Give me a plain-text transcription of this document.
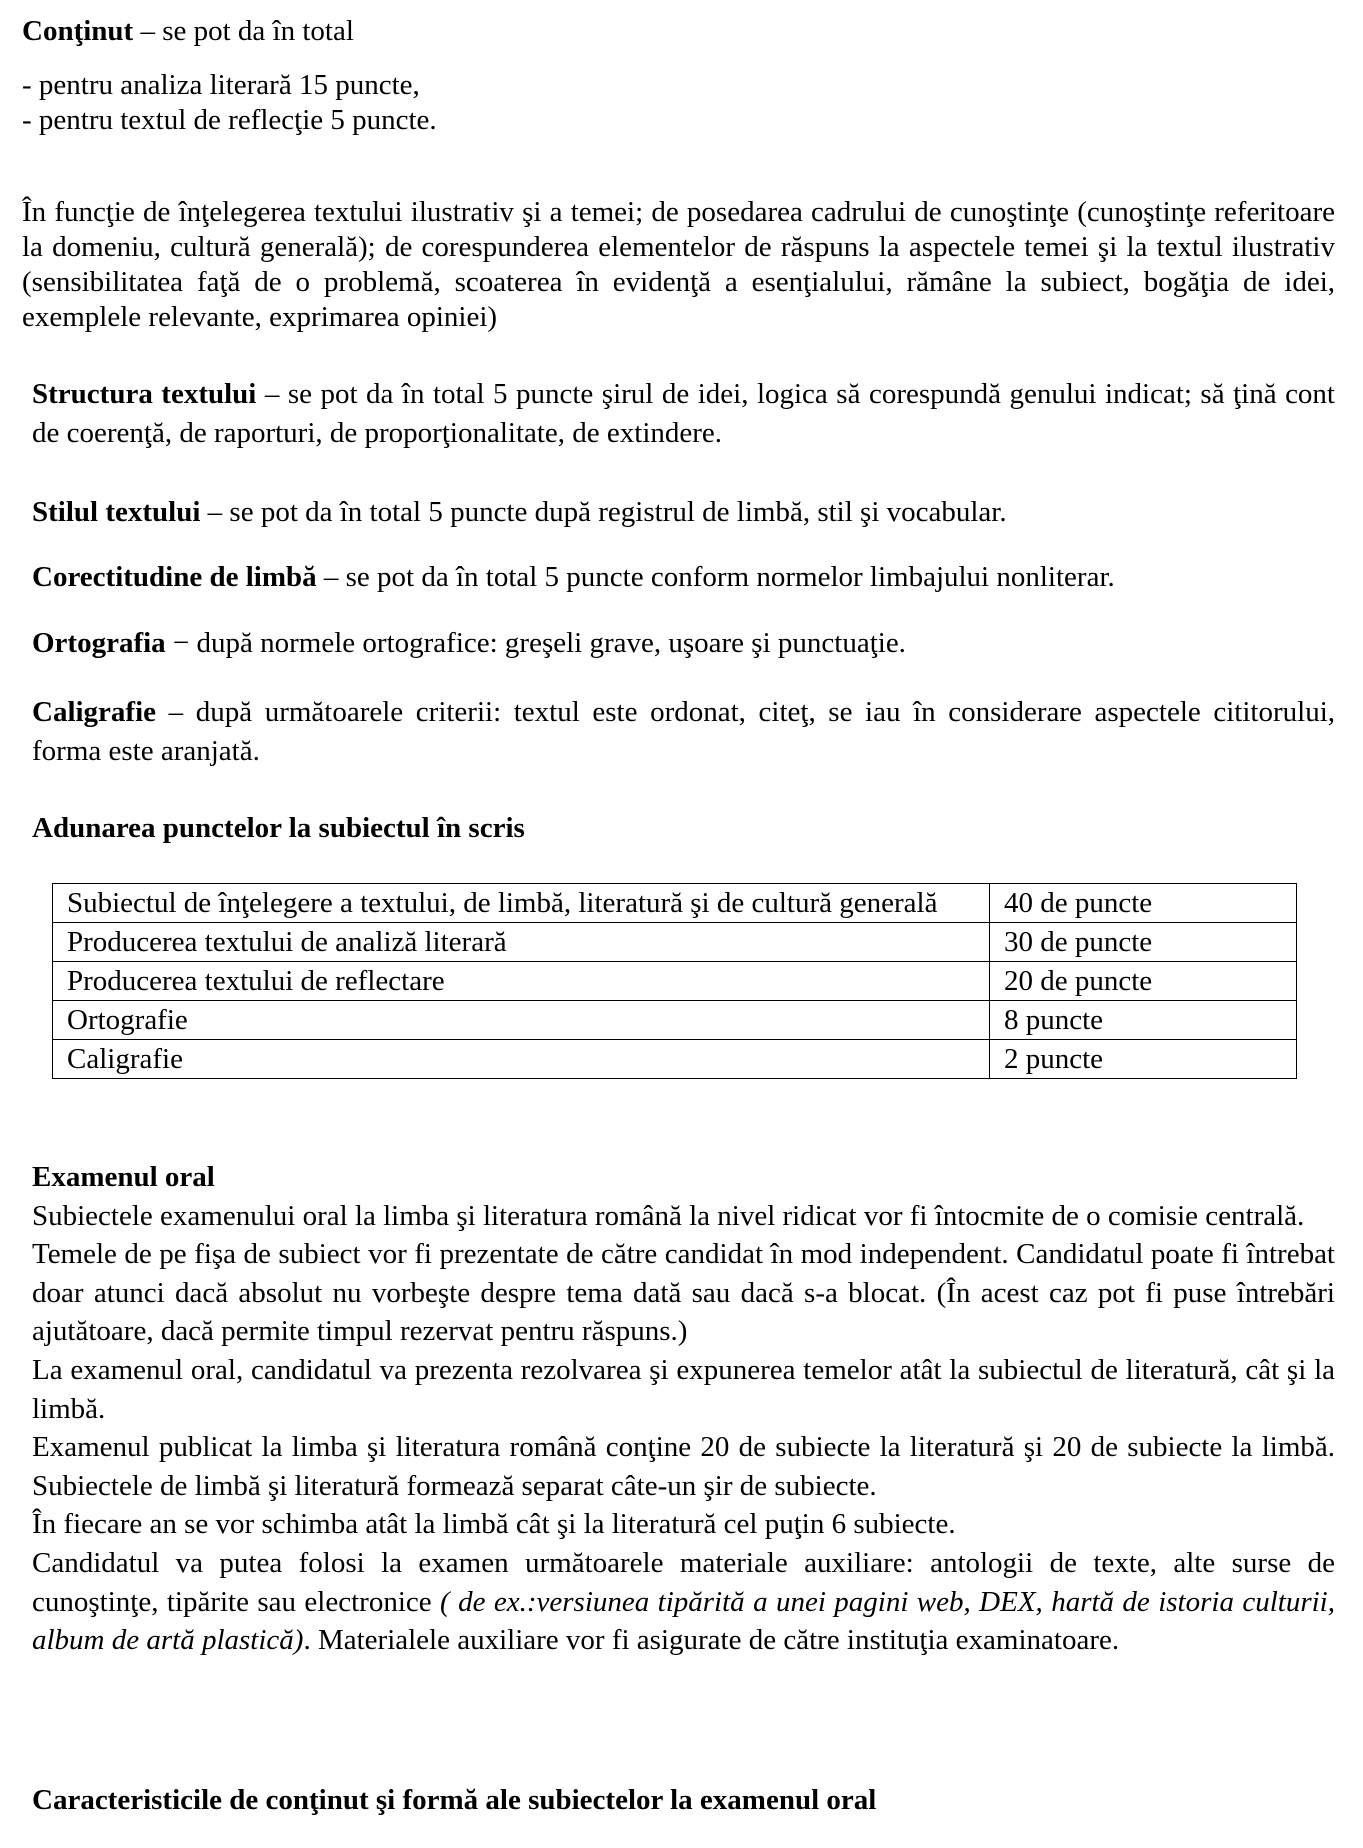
Conţinut – se pot da în total

- pentru analiza literară 15 puncte,
- pentru textul de reflecţie 5 puncte.

În funcţie de înţelegerea textului ilustrativ şi a temei; de posedarea cadrului de cunoştinţe (cunoştinţe referitoare la domeniu, cultură generală); de corespunderea elementelor de răspuns la aspectele temei şi la textul ilustrativ (sensibilitatea faţă de o problemă, scoaterea în evidenţă a esenţialului, rămâne la subiect, bogăţia de idei, exemplele relevante, exprimarea opiniei)

Structura textului – se pot da în total 5 puncte şirul de idei, logica să corespundă genului indicat; să ţină cont de coerenţă, de raporturi, de proporţionalitate, de extindere.

Stilul textului – se pot da în total 5 puncte după registrul de limbă, stil şi vocabular.

Corectitudine de limbă – se pot da în total 5 puncte conform normelor limbajului nonliterar.

Ortografia − după normele ortografice: greşeli grave, uşoare şi punctuaţie.

Caligrafie – după următoarele criterii: textul este ordonat, citeţ, se iau în considerare aspectele cititorului, forma este aranjată.

Adunarea punctelor la subiectul în scris

Subiectul de înţelegere a textului, de limbă, literatură şi de cultură generală	40 de puncte
Producerea textului de analiză literară	30 de puncte
Producerea textului de reflectare	20 de puncte
Ortografie	8 puncte
Caligrafie	2 puncte

Examenul oral

Subiectele examenului oral la limba şi literatura română la nivel ridicat vor fi întocmite de o comisie centrală.

Temele de pe fişa de subiect vor fi prezentate de către candidat în mod independent. Candidatul poate fi întrebat doar atunci dacă absolut nu vorbeşte despre tema dată sau dacă s-a blocat. (În acest caz pot fi puse întrebări ajutătoare, dacă permite timpul rezervat pentru răspuns.)

La examenul oral, candidatul va prezenta rezolvarea şi expunerea temelor atât la subiectul de literatură, cât şi la limbă.

Examenul publicat la limba şi literatura română conţine 20 de subiecte la literatură şi 20 de subiecte la limbă. Subiectele de limbă şi literatură formează separat câte-un şir de subiecte.

În fiecare an se vor schimba atât la limbă cât şi la literatură cel puţin 6 subiecte.

Candidatul va putea folosi la examen următoarele materiale auxiliare: antologii de texte, alte surse de cunoştinţe, tipărite sau electronice ( de ex.:versiunea tipărită a unei pagini web, DEX, hartă de istoria culturii, album de artă plastică). Materialele auxiliare vor fi asigurate de către instituţia examinatoare.

Caracteristicile de conţinut şi formă ale subiectelor la examenul oral
